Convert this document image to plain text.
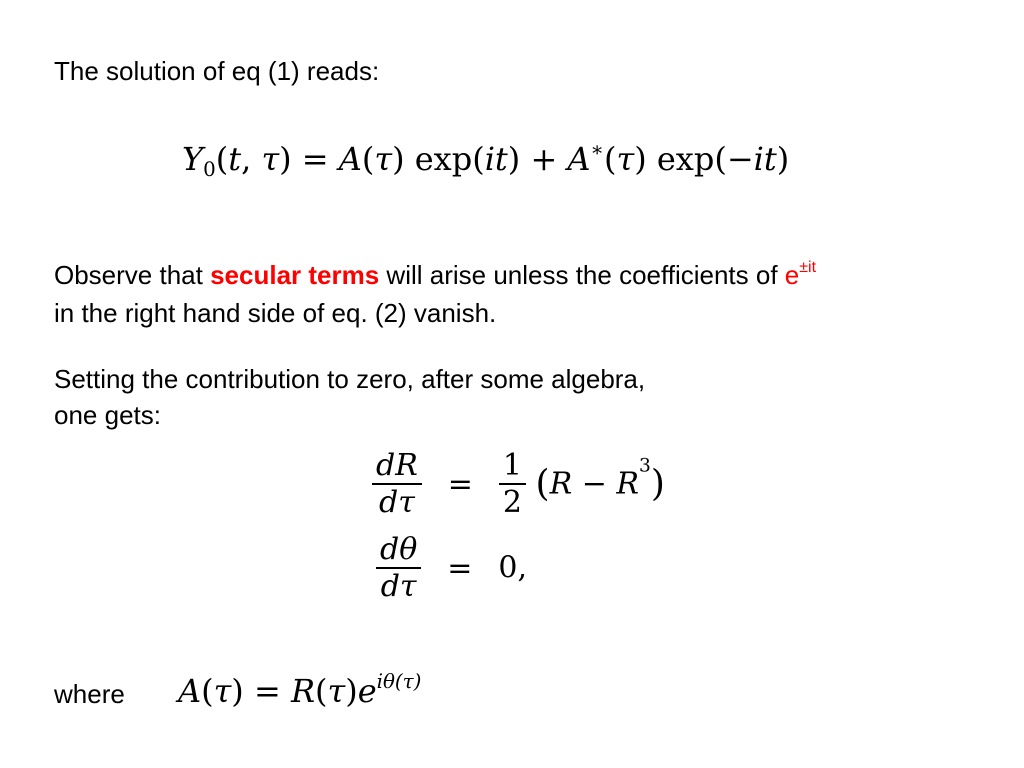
The solution of eq (1) reads:
Y0(t, τ) = A(τ) exp(it) + A∗(τ) exp(−it)
Observe that secular terms will arise unless the coefficients of $e^{\pm it}$
in the right hand side of eq. (2) vanish.
Setting the contribution to zero, after some algebra,
one gets:
$\frac{dR}{d\tau} = \frac{1}{2} (R - R^3)$
$\frac{d\theta}{d\tau} = 0$,
where $A(\tau) = R(\tau)e^{i\theta(\tau)}$
